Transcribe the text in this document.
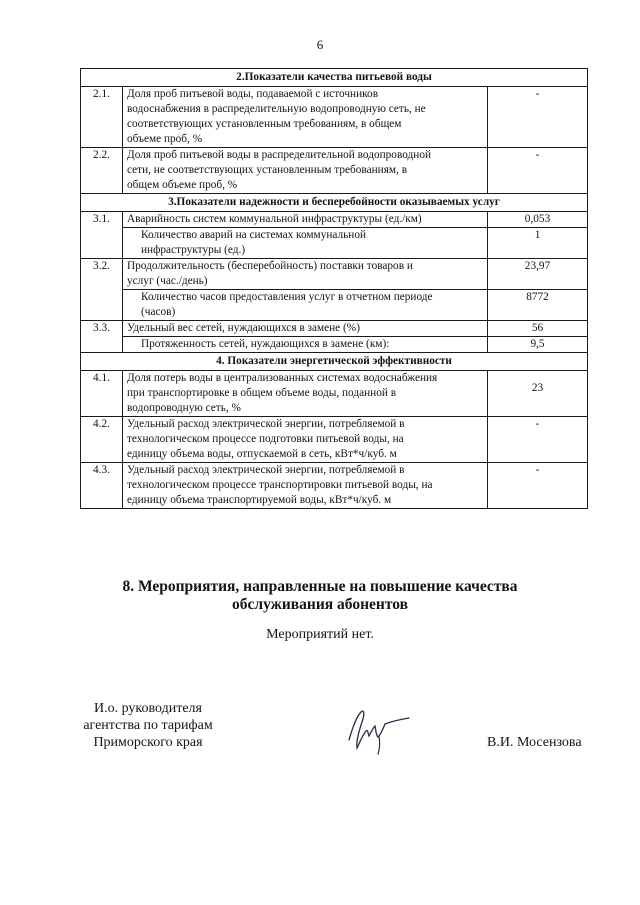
6
2.Показатели качества питьевой воды		
2.1.	Доля проб питьевой воды, подаваемой с источников
водоснабжения в распределительную водопроводную сеть, не
соответствующих установленным требованиям, в общем
объеме проб, %	-
2.2.	Доля проб питьевой воды в распределительной водопроводной
сети, не соответствующих установленным требованиям, в
общем объеме проб, %	-
3.Показатели надежности и бесперебойности оказываемых услуг		
3.1.	Аварийность систем коммунальной инфраструктуры (ед./км)	0,053

	Количество аварий на системах коммунальной
инфраструктуры (ед.)	1
3.2.	Продолжительность (бесперебойность) поставки товаров и
услуг (час./день)	23,97

	Количество часов предоставления услуг в отчетном периоде
(часов)	8772
3.3.	Удельный вес сетей, нуждающихся в замене (%)	56

	Протяженность сетей, нуждающихся в замене (км):	9,5
4. Показатели энергетической эффективности		
4.1.	Доля потерь воды в централизованных системах водоснабжения
при транспортировке в общем объеме воды, поданной в
водопроводную сеть, %	23
4.2.	Удельный расход электрической энергии, потребляемой в
технологическом процессе подготовки питьевой воды, на
единицу объема воды, отпускаемой в сеть, кВт*ч/куб. м	-
4.3.	Удельный расход электрической энергии, потребляемой в
технологическом процессе транспортировки питьевой воды, на
единицу объема транспортируемой воды, кВт*ч/куб. м	-
8. Мероприятия, направленные на повышение качества
обслуживания абонентов
Мероприятий нет.
И.о. руководителя
агентства по тарифам
Приморского края	В.И. Мосензова
